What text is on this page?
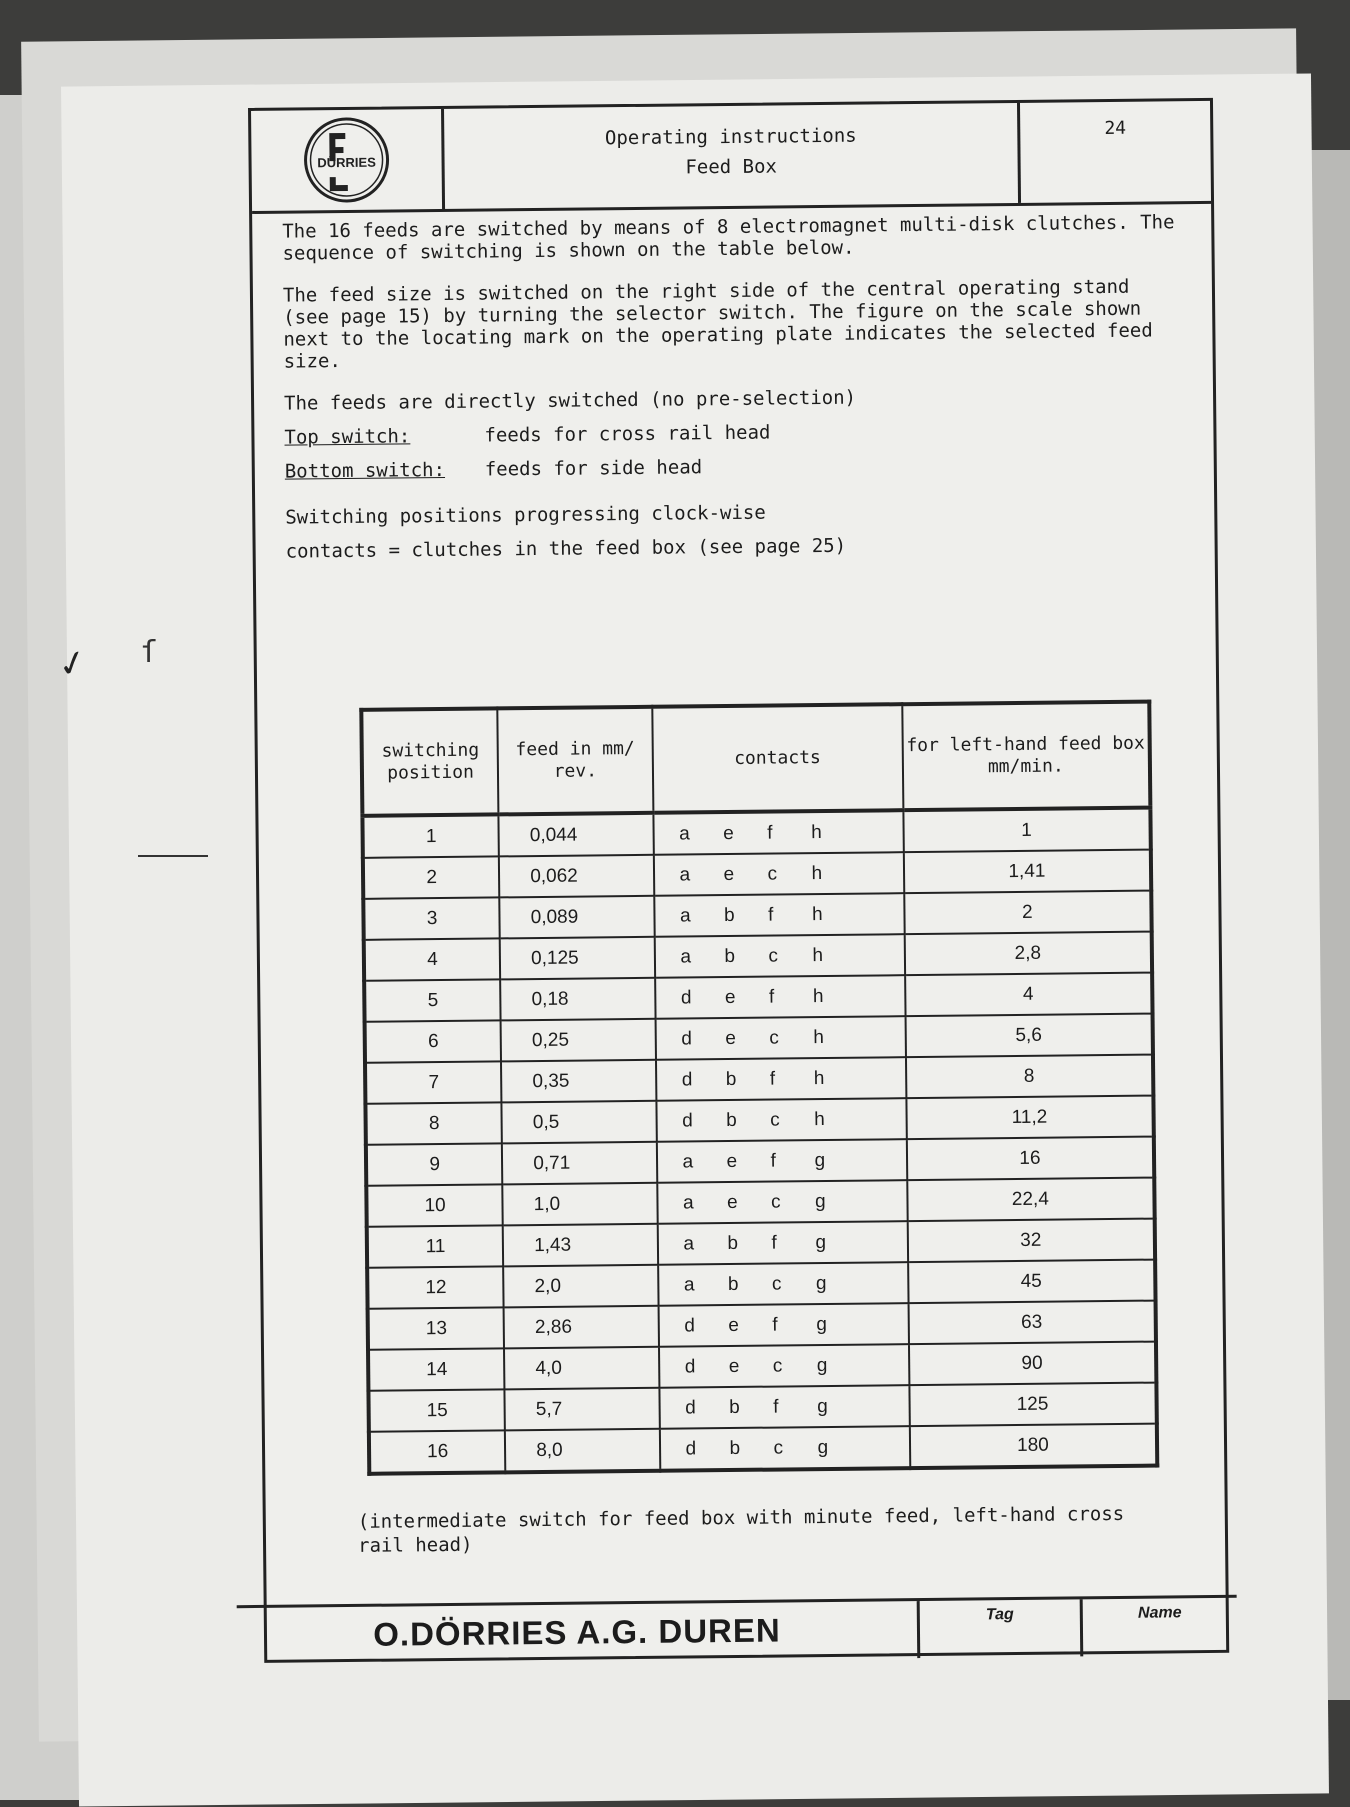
✓ ſ
DÜRRIES
Operating instructions
Feed Box
24

The 16 feeds are switched by means of 8 electromagnet multi-disk clutches. The sequence of switching is shown on the table below.

The feed size is switched on the right side of the central operating stand (see page 15) by turning the selector switch. The figure on the scale shown next to the locating mark on the operating plate indicates the selected feed size.

The feeds are directly switched (no pre-selection)
Top switch:	feeds for cross rail head
Bottom switch: feeds for side head
Switching positions progressing clock-wise
contacts = clutches in the feed box (see page 25)
switching position	feed in mm/ rev.	contacts	for left-hand feed box mm/min.
1	0,044	a e f h	1
2	0,062	a e c h	1,41
3	0,089	a b f h	2
4	0,125	a b c h	2,8
5	0,18	d e f h	4
6	0,25	d e c h	5,6
7	0,35	d b f h	8
8	0,5	d b c h	11,2
9	0,71	a e f g	16
10	1,0	a e c g	22,4
11	1,43	a b f g	32
12	2,0	a b c g	45
13	2,86	d e f g	63
14	4,0	d e c g	90
15	5,7	d b f g	125
16	8,0	d b c g	180
(intermediate switch for feed box with minute feed, left-hand cross rail head)
O.DÖRRIES A.G. DUREN	Tag	Name
